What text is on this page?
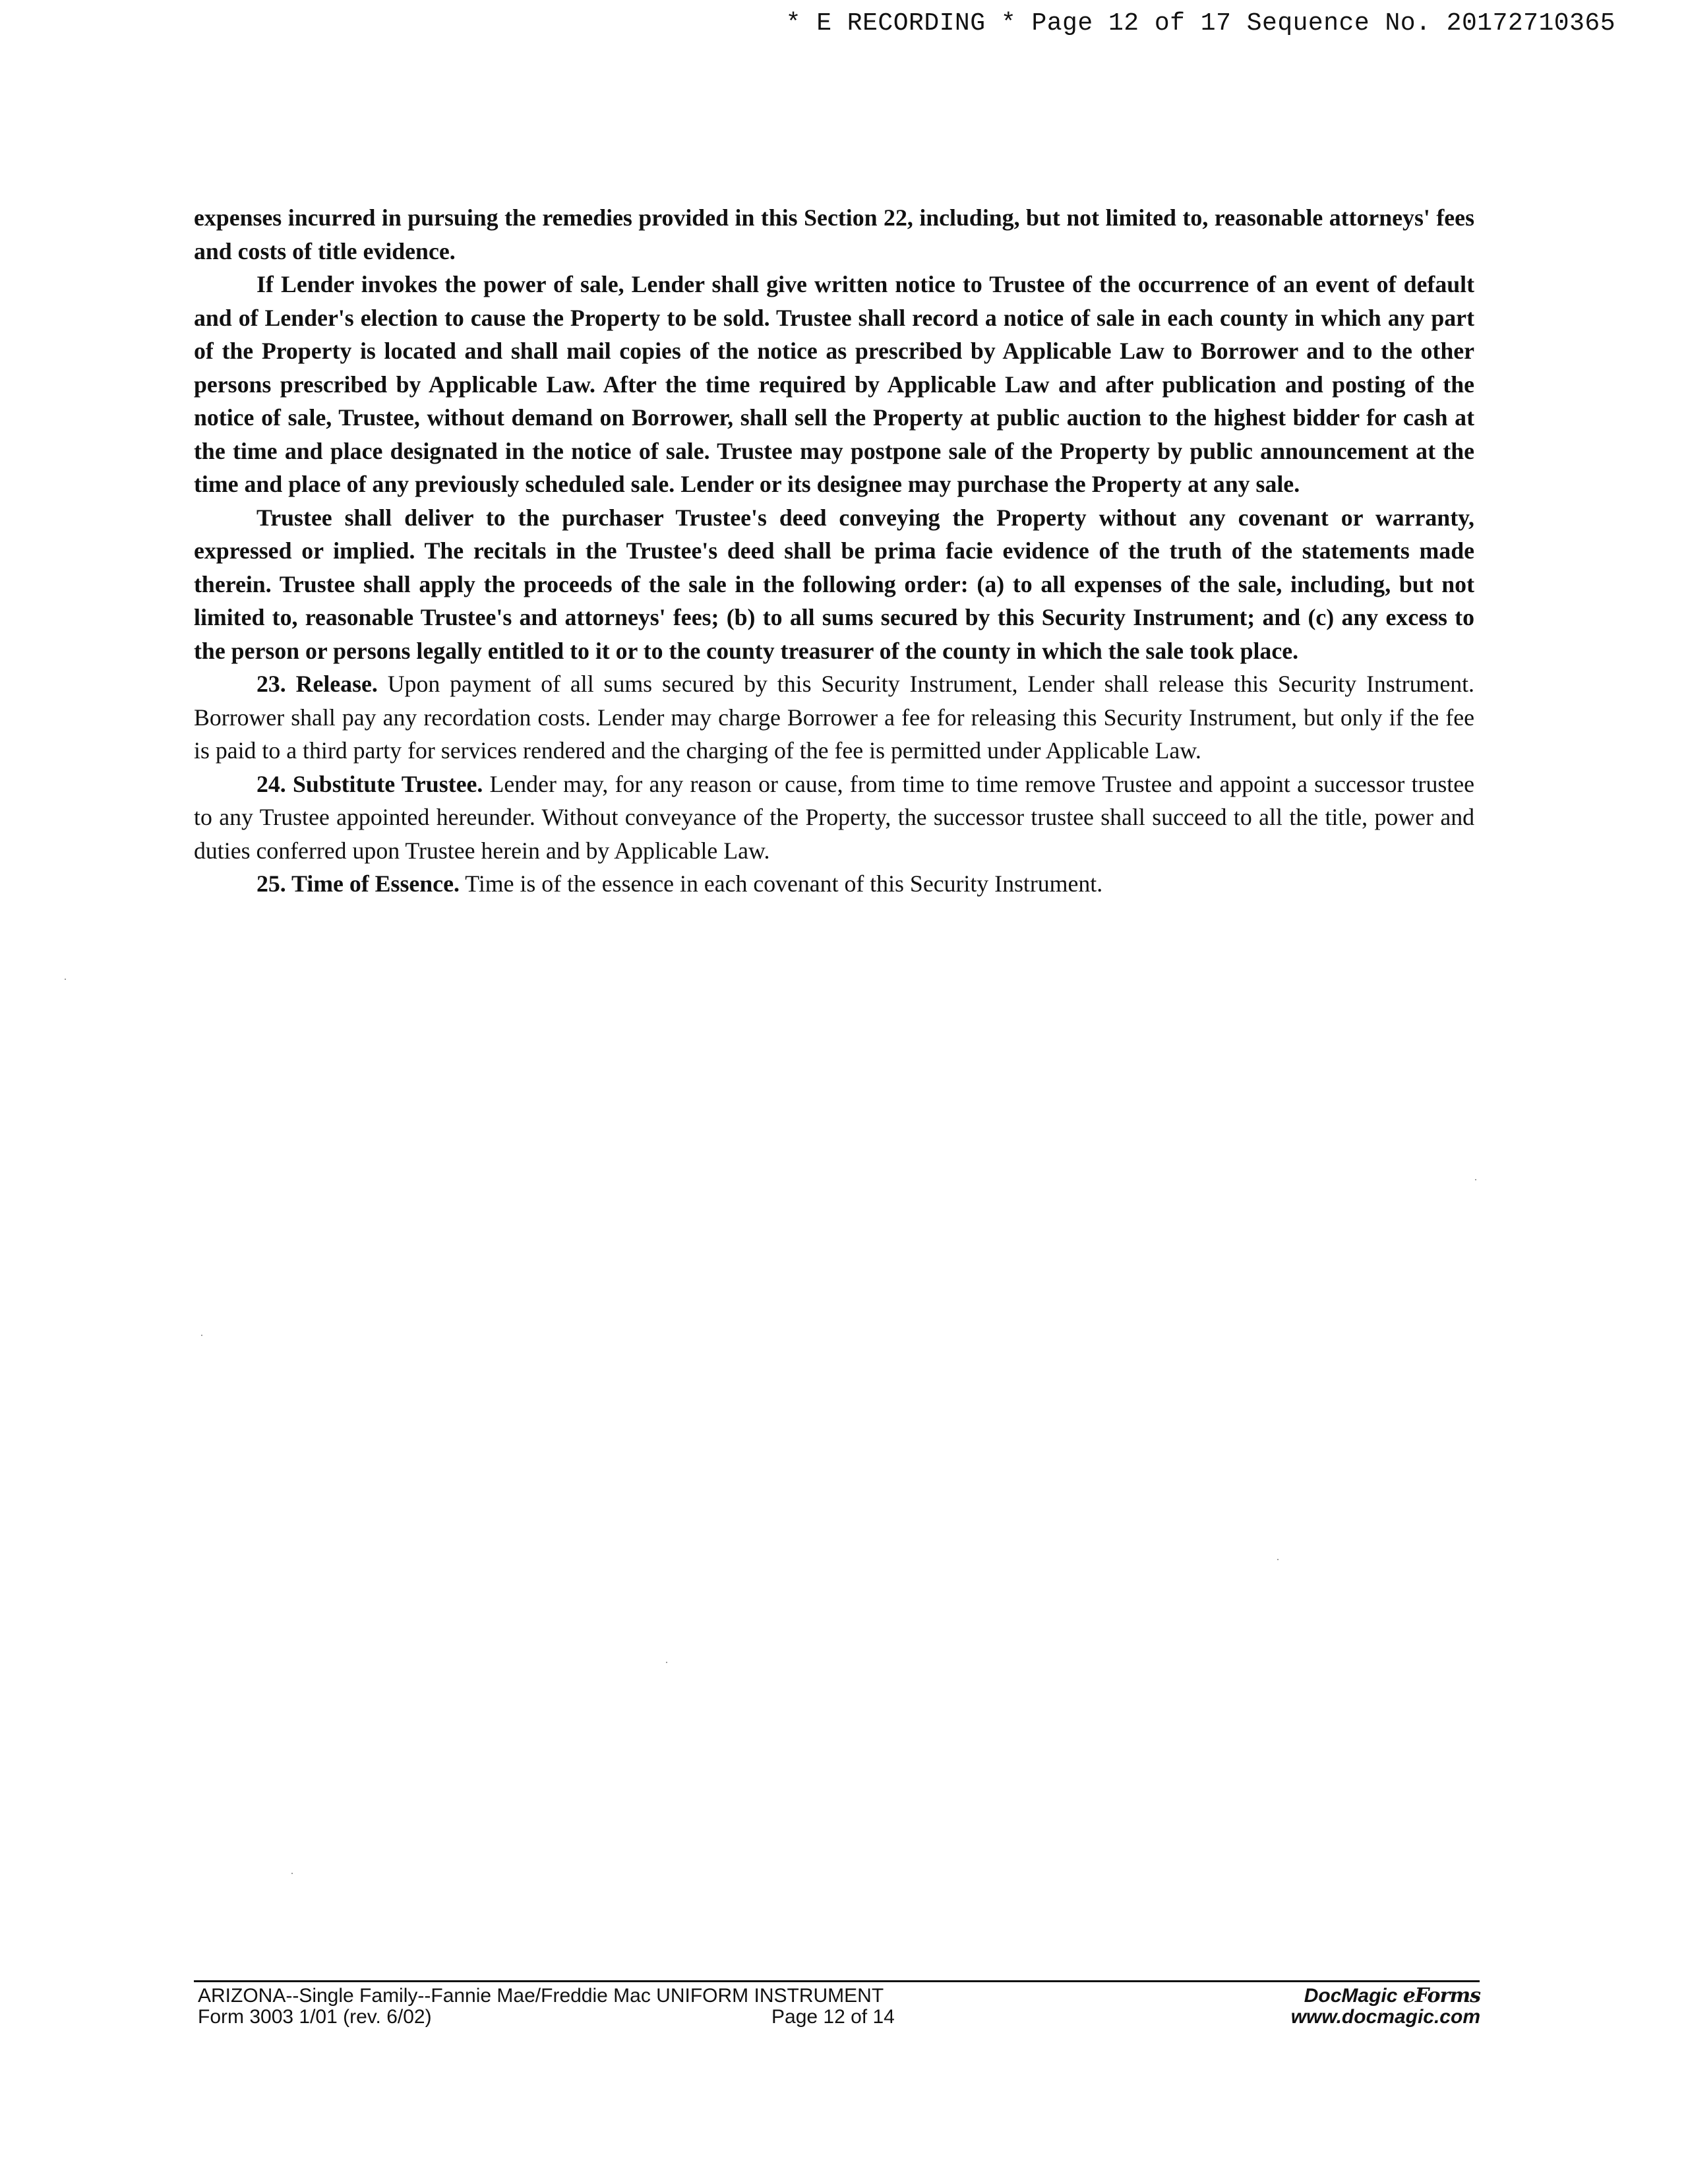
* E RECORDING * Page 12 of 17 Sequence No. 20172710365

expenses incurred in pursuing the remedies provided in this Section 22, including, but not limited to, reasonable attorneys' fees and costs of title evidence.

If Lender invokes the power of sale, Lender shall give written notice to Trustee of the occurrence of an event of default and of Lender's election to cause the Property to be sold. Trustee shall record a notice of sale in each county in which any part of the Property is located and shall mail copies of the notice as prescribed by Applicable Law to Borrower and to the other persons prescribed by Applicable Law. After the time required by Applicable Law and after publication and posting of the notice of sale, Trustee, without demand on Borrower, shall sell the Property at public auction to the highest bidder for cash at the time and place designated in the notice of sale. Trustee may postpone sale of the Property by public announcement at the time and place of any previously scheduled sale. Lender or its designee may purchase the Property at any sale.

Trustee shall deliver to the purchaser Trustee's deed conveying the Property without any covenant or warranty, expressed or implied. The recitals in the Trustee's deed shall be prima facie evidence of the truth of the statements made therein. Trustee shall apply the proceeds of the sale in the following order: (a) to all expenses of the sale, including, but not limited to, reasonable Trustee's and attorneys' fees; (b) to all sums secured by this Security Instrument; and (c) any excess to the person or persons legally entitled to it or to the county treasurer of the county in which the sale took place.

23. Release. Upon payment of all sums secured by this Security Instrument, Lender shall release this Security Instrument. Borrower shall pay any recordation costs. Lender may charge Borrower a fee for releasing this Security Instrument, but only if the fee is paid to a third party for services rendered and the charging of the fee is permitted under Applicable Law.

24. Substitute Trustee. Lender may, for any reason or cause, from time to time remove Trustee and appoint a successor trustee to any Trustee appointed hereunder. Without conveyance of the Property, the successor trustee shall succeed to all the title, power and duties conferred upon Trustee herein and by Applicable Law.

25. Time of Essence. Time is of the essence in each covenant of this Security Instrument.

ARIZONA--Single Family--Fannie Mae/Freddie Mac UNIFORM INSTRUMENT
Form 3003 1/01 (rev. 6/02)	Page 12 of 14
DocMagic eForms
www.docmagic.com
